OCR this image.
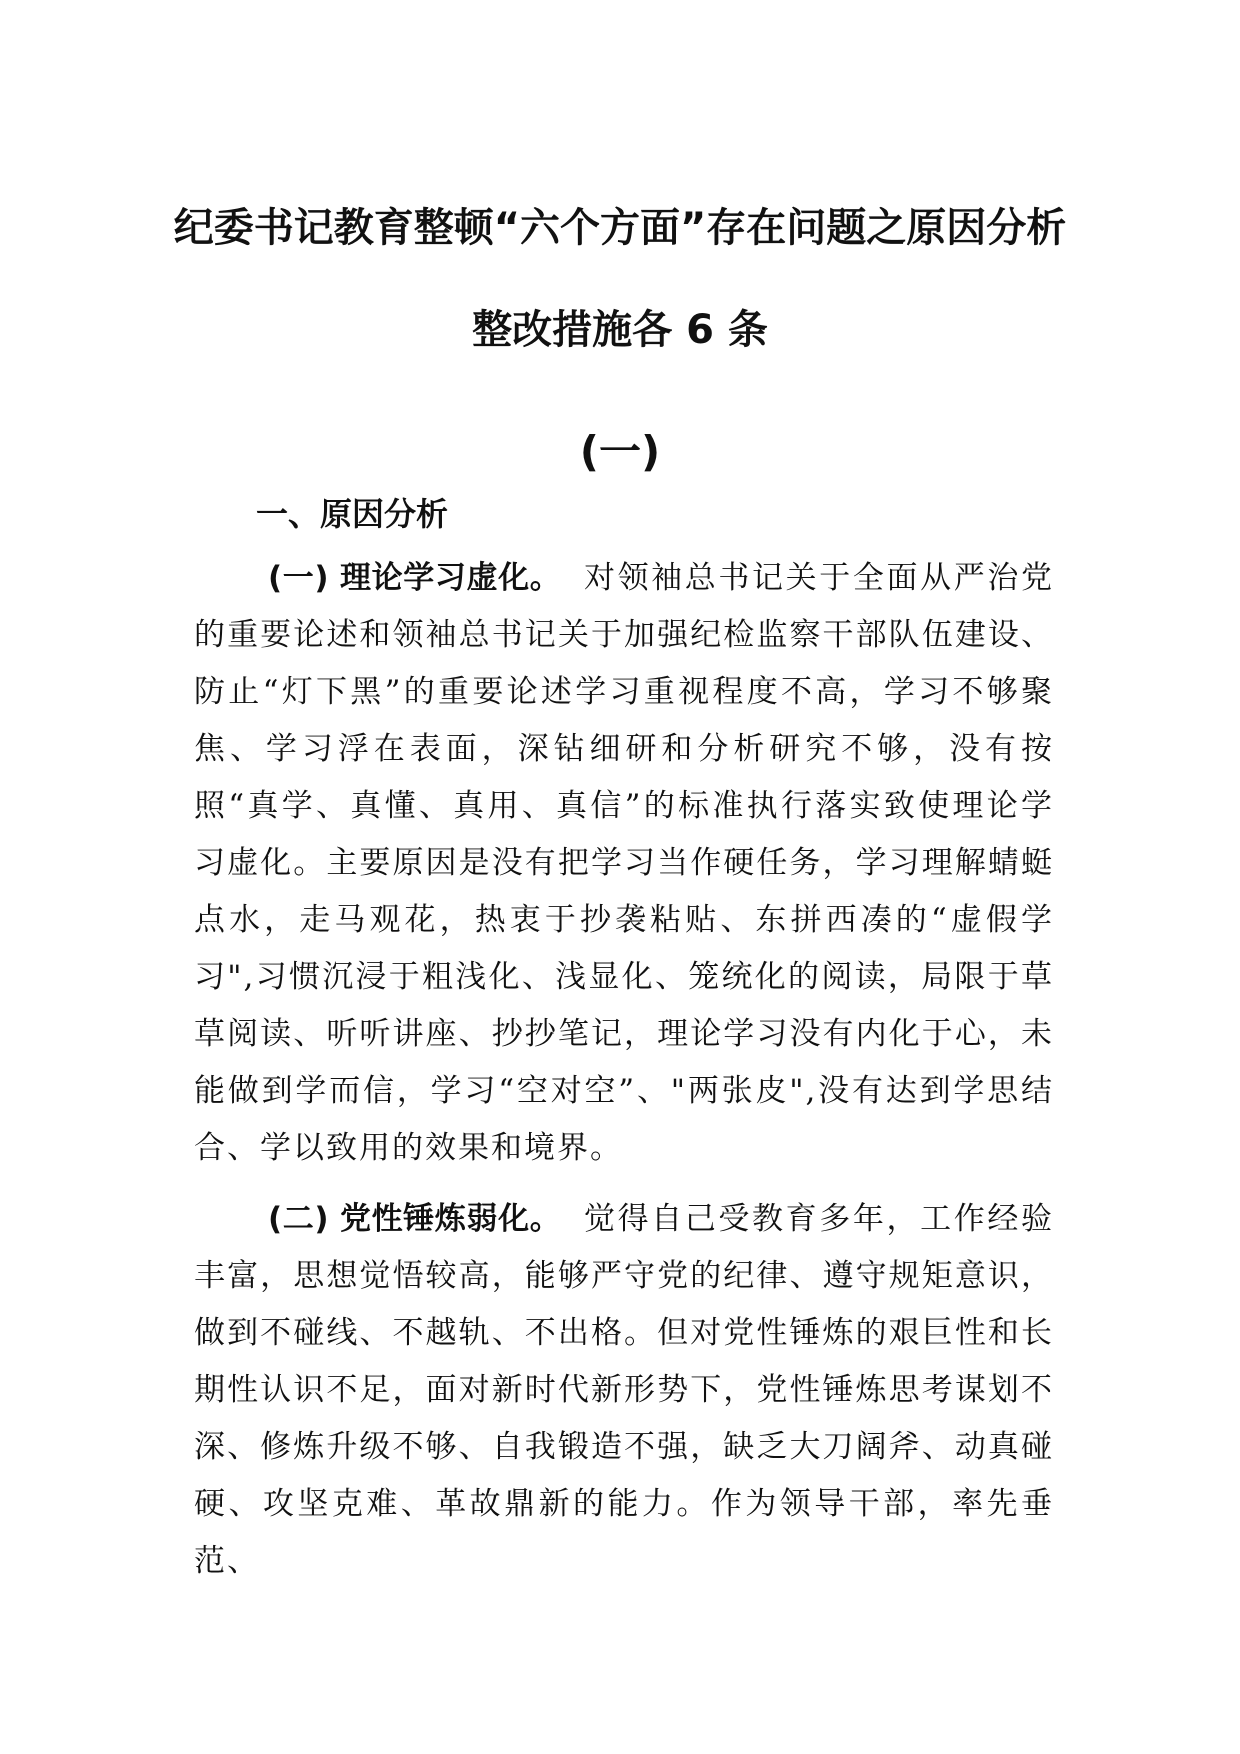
纪委书记教育整顿“六个方面”存在问题之原因分析
整改措施各 6 条
(一)
一、原因分析

(一) 理论学习虚化。 对领袖总书记关于全面从严治党的重要论述和领袖总书记关于加强纪检监察干部队伍建设、防止“灯下黑”的重要论述学习重视程度不高，学习不够聚焦、学习浮在表面，深钻细研和分析研究不够，没有按照“真学、真懂、真用、真信”的标准执行落实致使理论学习虚化。主要原因是没有把学习当作硬任务，学习理解蜻蜓点水，走马观花，热衷于抄袭粘贴、东拼西凑的“虚假学习",习惯沉浸于粗浅化、浅显化、笼统化的阅读，局限于草草阅读、听听讲座、抄抄笔记，理论学习没有内化于心，未能做到学而信，学习“空对空”、"两张皮",没有达到学思结合、学以致用的效果和境界。

(二) 党性锤炼弱化。 觉得自己受教育多年，工作经验丰富，思想觉悟较高，能够严守党的纪律、遵守规矩意识，做到不碰线、不越轨、不出格。但对党性锤炼的艰巨性和长期性认识不足，面对新时代新形势下，党性锤炼思考谋划不深、修炼升级不够、自我锻造不强，缺乏大刀阔斧、动真碰硬、攻坚克难、革故鼎新的能力。作为领导干部，率先垂范、
